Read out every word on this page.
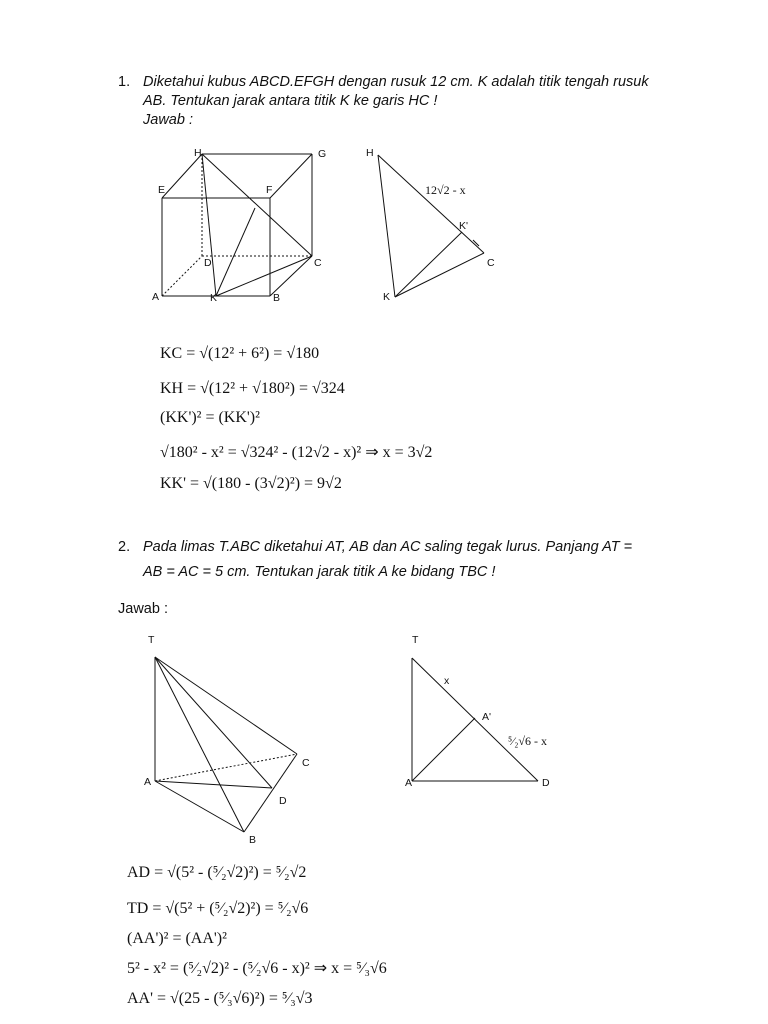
1. Diketahui kubus ABCD.EFGH dengan rusuk 12 cm. K adalah titik tengah rusuk
AB. Tentukan jarak antara titik K ke garis HC !
Jawab :
H	G
E	F
D	C
A	K	B
H
K'
C
K
12√2 - x
T
C
A
D
B
T
x
A'
A	D
⁵⁄₂√6 - x
KC = √(12² + 6²) = √180
KH = √(12² + √180²) = √324
(KK')² = (KK')²
√180² - x² = √324² - (12√2 - x)² ⇒ x = 3√2
KK' = √(180 - (3√2)²) = 9√2
2. Pada limas T.ABC diketahui AT, AB dan AC saling tegak lurus. Panjang AT =
AB = AC = 5 cm. Tentukan jarak titik A ke bidang TBC !
Jawab :
AD = √(5² - (⁵⁄₂√2)²) = ⁵⁄₂√2
TD = √(5² + (⁵⁄₂√2)²) = ⁵⁄₂√6
(AA')² = (AA')²
5² - x² = (⁵⁄₂√2)² - (⁵⁄₂√6 - x)² ⇒ x = ⁵⁄₃√6
AA' = √(25 - (⁵⁄₃√6)²) = ⁵⁄₃√3
